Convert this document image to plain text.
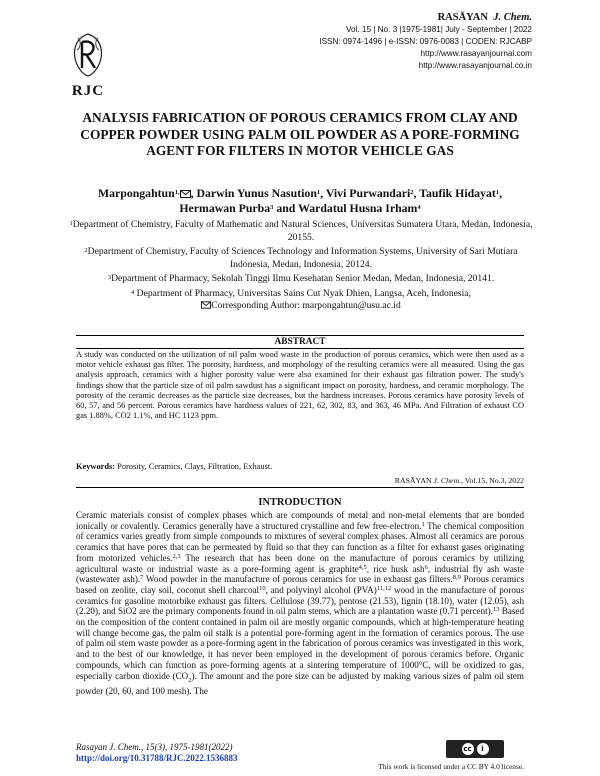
RJC
RASĀYAN J. Chem.
Vol. 15 | No. 3 |1975-1981| July - September | 2022
ISSN: 0974-1496 | e-ISSN: 0976-0083 | CODEN: RJCABP
http://www.rasayanjournal.com
http://www.rasayanjournal.co.in
ANALYSIS FABRICATION OF POROUS CERAMICS FROM CLAY AND COPPER POWDER USING PALM OIL POWDER AS A PORE-FORMING AGENT FOR FILTERS IN MOTOR VEHICLE GAS
Marpongahtun$^{1,}$ , Darwin Yunus Nasution$^1$, Vivi Purwandari$^2$, Taufik Hidayat$^1$, Hermawan Purba$^3$ and Wardatul Husna Irham$^4$

$^1$Department of Chemistry, Faculty of Mathematic and Natural Sciences, Universitas Sumatera Utara, Medan, Indonesia, 20155.

$^2$Department of Chemistry, Faculty of Sciences Technology and Information Systems, University of Sari Mutiara Indonesia, Medan, Indonesia, 20124.

$^3$Department of Pharmacy, Sekolah Tinggi Ilmu Kesehatan Senior Medan, Medan, Indonesia, 20141.

$^4$ Department of Pharmacy, Universitas Sains Cut Nyak Dhien, Langsa, Aceh, Indonesia,

Corresponding Author: marpongahtun@usu.ac.id

ABSTRACT
A study was conducted on the utilization of oil palm wood waste in the production of porous ceramics, which were then used as a motor vehicle exhaust gas filter. The porosity, hardness, and morphology of the resulting ceramics were all measured. Using the gas analysis approach, ceramics with a higher porosity value were also examined for their exhaust gas filtration power. The study's findings show that the particle size of oil palm sawdust has a significant impact on porosity, hardness, and ceramic morphology. The porosity of the ceramic decreases as the particle size decreases, but the hardness increases. Porous ceramics have porosity levels of 60, 57, and 56 percent. Porous ceramics have hardness values of 221, 62, 302, 83, and 363, 46 MPa. And Filtration of exhaust CO gas 1.88%, CO2 1.1%, and HC 1123 ppm.
Keywords: Porosity, Ceramics, Clays, Filtration, Exhaust.
RASĀYAN J. Chem., Vol.15, No.3, 2022
INTRODUCTION
Ceramic materials consist of complex phases which are compounds of metal and non-metal elements that are bonded ionically or covalently. Ceramics generally have a structured crystalline and few free-electron.$^1$ The chemical composition of ceramics varies greatly from simple compounds to mixtures of several complex phases. Almost all ceramics are porous ceramics that have pores that can be permeated by fluid so that they can function as a filter for exhaust gases originating from motorized vehicles.$^{2,3}$ The research that has been done on the manufacture of porous ceramics by utilizing agricultural waste or industrial waste as a pore-forming agent is graphite$^{4,5}$, rice husk ash$^6$, industrial fly ash waste (wastewater ash).$^7$ Wood powder in the manufacture of porous ceramics for use in exhaust gas filters.$^{8,9}$ Porous ceramics based on zeolite, clay soil, coconut shell charcoal$^{10}$, and polyvinyl alcohol (PVA)$^{11,12}$ wood in the manufacture of porous ceramics for gasoline motorbike exhaust gas filters. Cellulose (39.77), pentose (21.53), lignin (18.10), water (12.05), ash (2.20), and SiO2 are the primary components found in oil palm stems, which are a plantation waste (0.71 percent).$^{13}$ Based on the composition of the content contained in palm oil are mostly organic compounds, which at high-temperature heating will change become gas, the palm oil stalk is a potential pore-forming agent in the formation of ceramics porous. The use of palm oil stem waste powder as a pore-forming agent in the fabrication of porous ceramics was investigated in this work, and to the best of our knowledge, it has never been employed in the development of porous ceramics before. Organic compounds, which can function as pore-forming agents at a sintering temperature of 1000°C, will be oxidized to gas, especially carbon dioxide $(CO_2)$. The amount and the pore size can be adjusted by making various sizes of palm oil stem powder (20, 60, and 100 mesh). The
Rasayan J. Chem., 15(3), 1975-1981(2022)
http://doi.org/10.31788/RJC.2022.1536883
cc	i
This work is licensed under a CC BY 4.0 license.
